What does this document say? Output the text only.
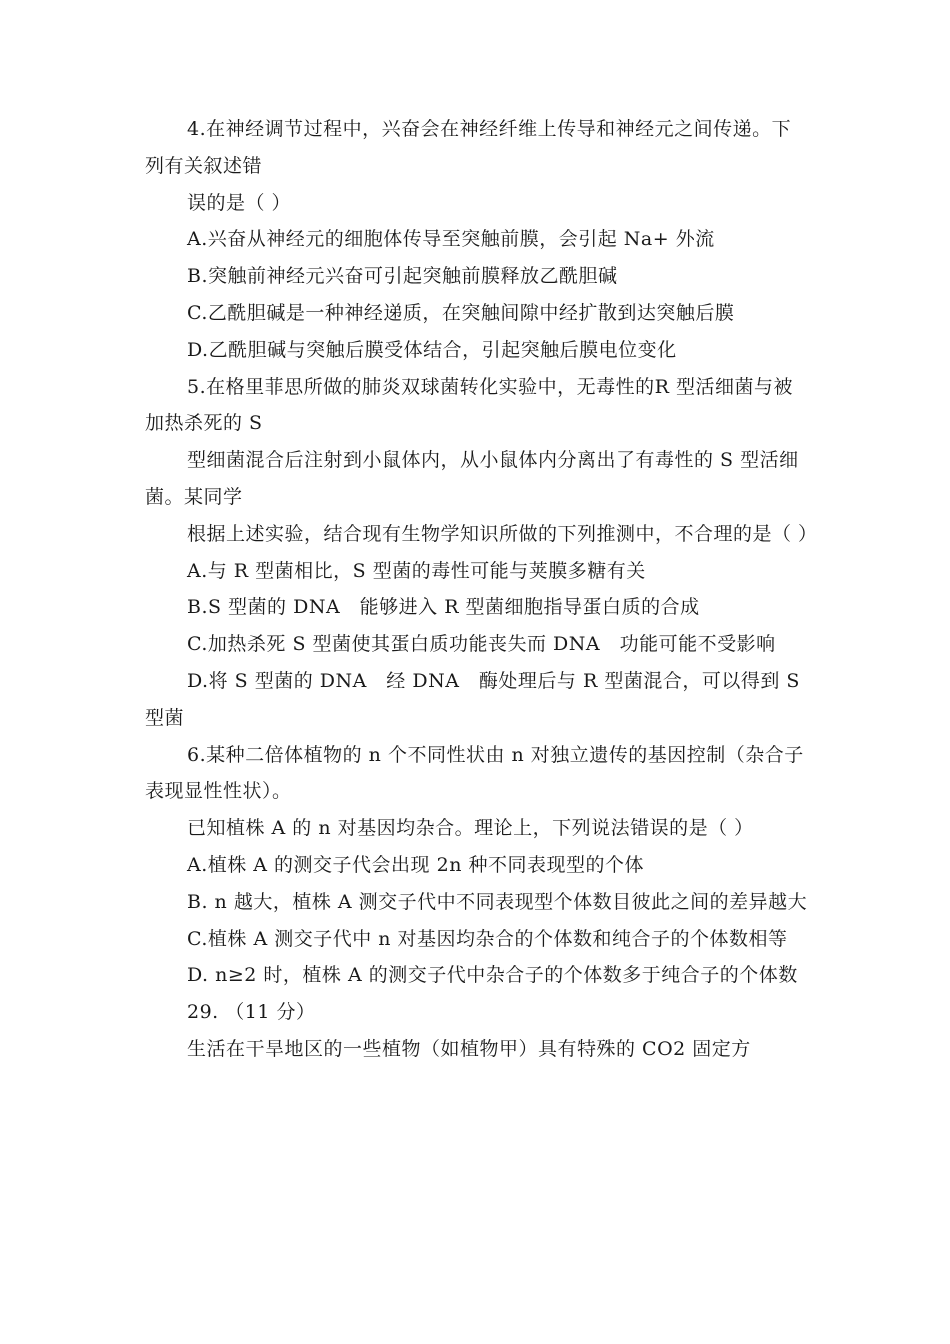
4.在神经调节过程中，兴奋会在神经纤维上传导和神经元之间传递。下列有关叙述错

误的是（ ）

A.兴奋从神经元的细胞体传导至突触前膜，会引起 Na+ 外流

B.突触前神经元兴奋可引起突触前膜释放乙酰胆碱

C.乙酰胆碱是一种神经递质，在突触间隙中经扩散到达突触后膜

D.乙酰胆碱与突触后膜受体结合，引起突触后膜电位变化

5.在格里菲思所做的肺炎双球菌转化实验中，无毒性的R 型活细菌与被加热杀死的 S

型细菌混合后注射到小鼠体内，从小鼠体内分离出了有毒性的 S 型活细菌。某同学

根据上述实验，结合现有生物学知识所做的下列推测中，不合理的是（ ）

A.与 R 型菌相比，S 型菌的毒性可能与荚膜多糖有关

B.S 型菌的 DNA　能够进入 R 型菌细胞指导蛋白质的合成

C.加热杀死 S 型菌使其蛋白质功能丧失而 DNA　功能可能不受影响

D.将 S 型菌的 DNA　经 DNA　酶处理后与 R 型菌混合，可以得到 S 型菌

6.某种二倍体植物的 n 个不同性状由 n 对独立遗传的基因控制（杂合子表现显性性状）。

已知植株 A 的 n 对基因均杂合。理论上，下列说法错误的是（ ）

A.植株 A 的测交子代会出现 2n 种不同表现型的个体

B. n 越大，植株 A 测交子代中不同表现型个体数目彼此之间的差异越大

C.植株 A 测交子代中 n 对基因均杂合的个体数和纯合子的个体数相等

D. n≥2 时，植株 A 的测交子代中杂合子的个体数多于纯合子的个体数

29. （11 分）

生活在干旱地区的一些植物（如植物甲）具有特殊的 CO2 固定方
